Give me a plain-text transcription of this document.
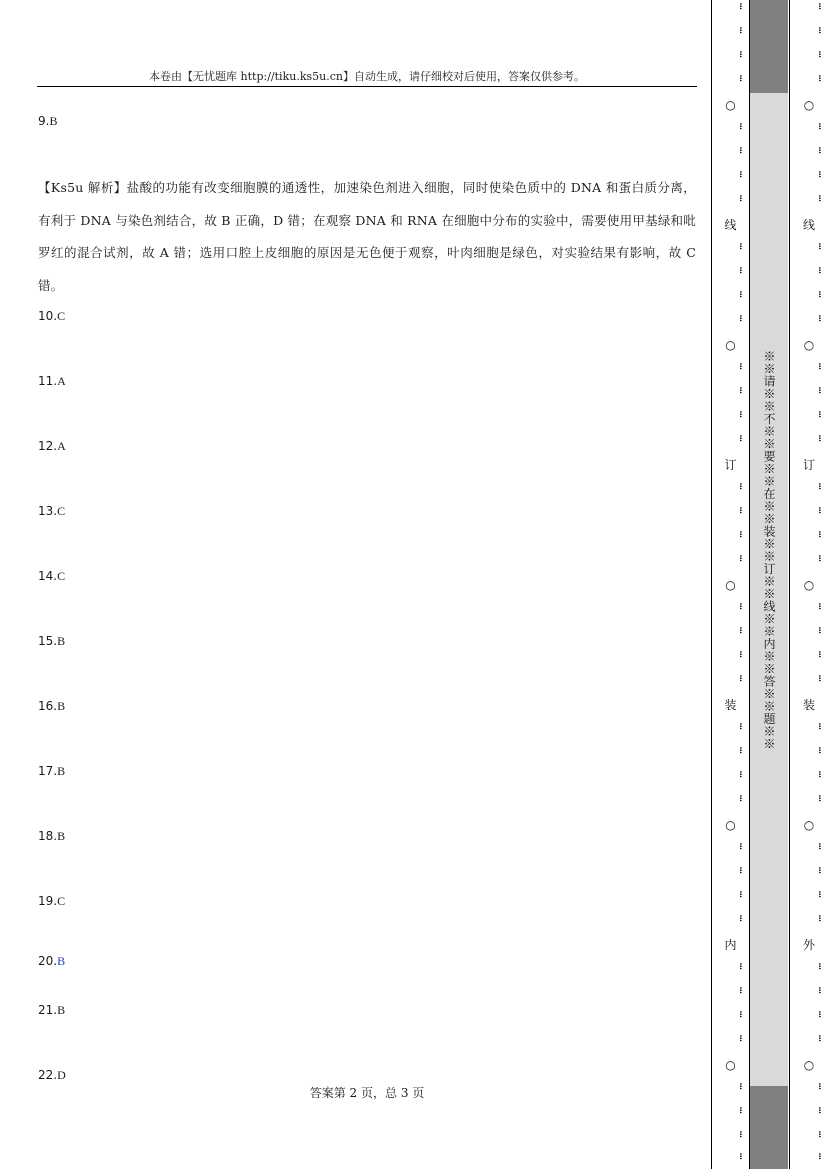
本卷由【无忧题库 http://tiku.ks5u.cn】自动生成，请仔细校对后使用，答案仅供参考。
9.B
10.C
11.A
12.A
13.C
14.C
15.B
16.B
17.B
18.B
19.C
20.B
21.B
22.D
【Ks5u 解析】盐酸的功能有改变细胞膜的通透性，加速染色剂进入细胞，同时使染色质中的 DNA 和蛋白质分离，有利于 DNA 与染色剂结合，故 B 正确，D 错；在观察 DNA 和 RNA 在细胞中分布的实验中，需要使用甲基绿和吡罗红的混合试剂，故 A 错；选用口腔上皮细胞的原因是无色便于观察，叶肉细胞是绿色，对实验结果有影响，故 C 错。
答案第 2 页，总 3 页
※※请※※不※※要※※在※※装※※订※※线※※内※※答※※题※※
…
…
…
…
○
…
…
…
…
线
…
…
…
…
○
…
…
…
…
订
…
…
…
…
○
…
…
…
…
装
…
…
…
…
○
…
…
…
…
内
…
…
…
…
○
…
…
…
…
…
…
…
…
○
…
…
…
…
线
…
…
…
…
○
…
…
…
…
订
…
…
…
…
○
…
…
…
…
装
…
…
…
…
○
…
…
…
…
外
…
…
…
…
○
…
…
…
…
